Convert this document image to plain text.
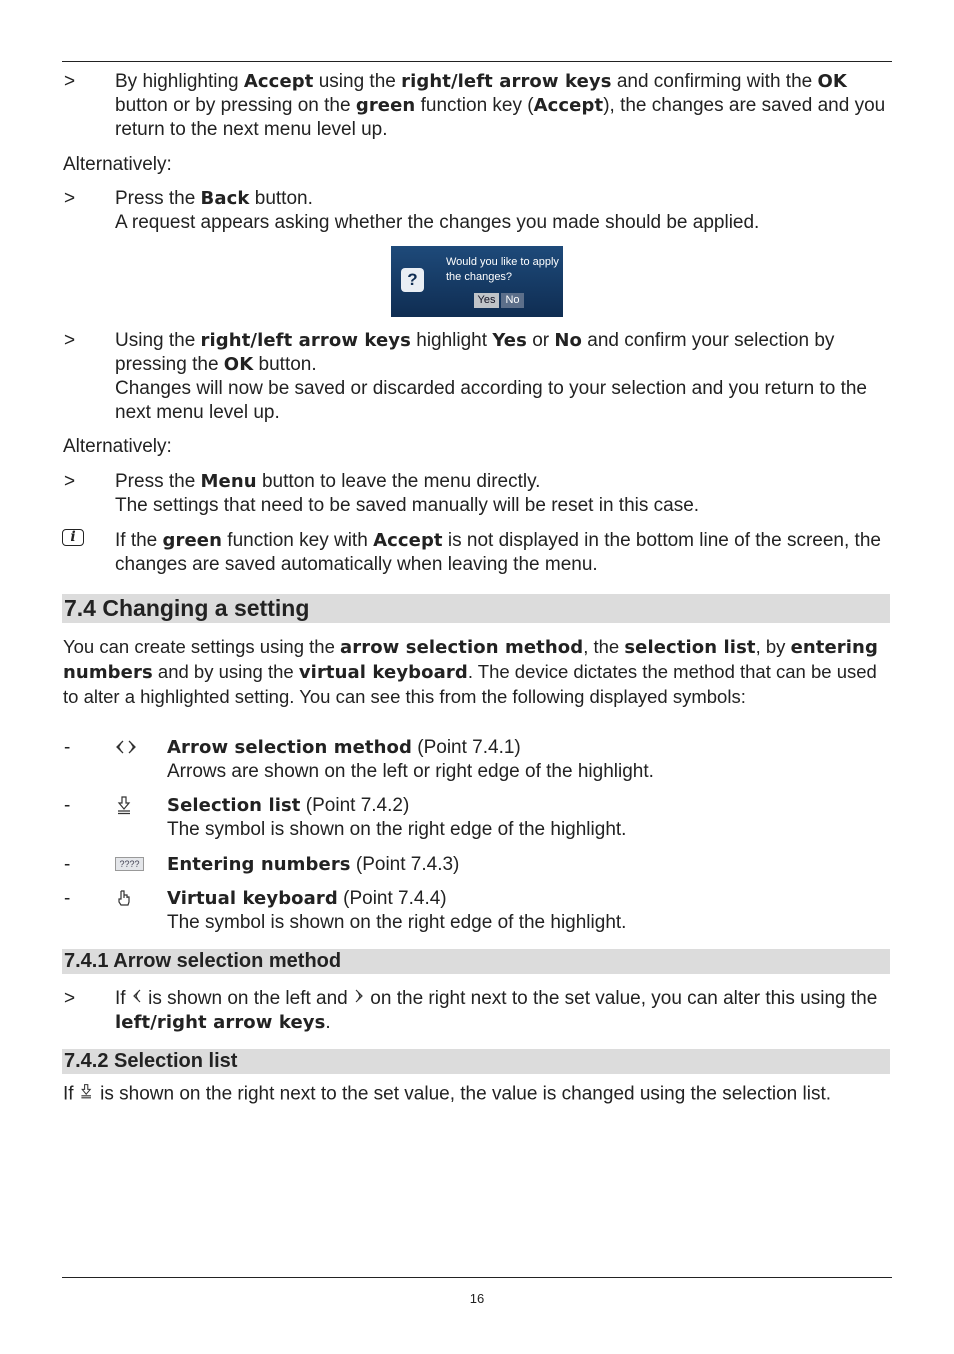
> By highlighting Accept using the right/left arrow keys and confirming with the OK button or by pressing on the green function key (Accept), the changes are saved and you return to the next menu level up.
Alternatively:
> Press the Back button.
A request appears asking whether the changes you made should be applied.
?
Would you like to apply the changes?
Yes No
> Using the right/left arrow keys highlight Yes or No and confirm your selection by pressing the OK button.
Changes will now be saved or discarded according to your selection and you return to the next menu level up.
Alternatively:
> Press the Menu button to leave the menu directly.
The settings that need to be saved manually will be reset in this case.
i	If the green function key with Accept is not displayed in the bottom line of the screen, the changes are saved automatically when leaving the menu.
7.4 Changing a setting
You can create settings using the arrow selection method, the selection list, by entering numbers and by using the virtual keyboard. The device dictates the method that can be used to alter a highlighted setting. You can see this from the following displayed symbols:
-	Arrow selection method (Point 7.4.1)
Arrows are shown on the left or right edge of the highlight.
-	Selection list (Point 7.4.2)
The symbol is shown on the right edge of the highlight.
-	???? Entering numbers (Point 7.4.3)
-	Virtual keyboard (Point 7.4.4)
The symbol is shown on the right edge of the highlight.
7.4.1 Arrow selection method
> If  is shown on the left and  on the right next to the set value, you can alter this using the left/right arrow keys.
7.4.2 Selection list
If  is shown on the right next to the set value, the value is changed using the selection list.
16
